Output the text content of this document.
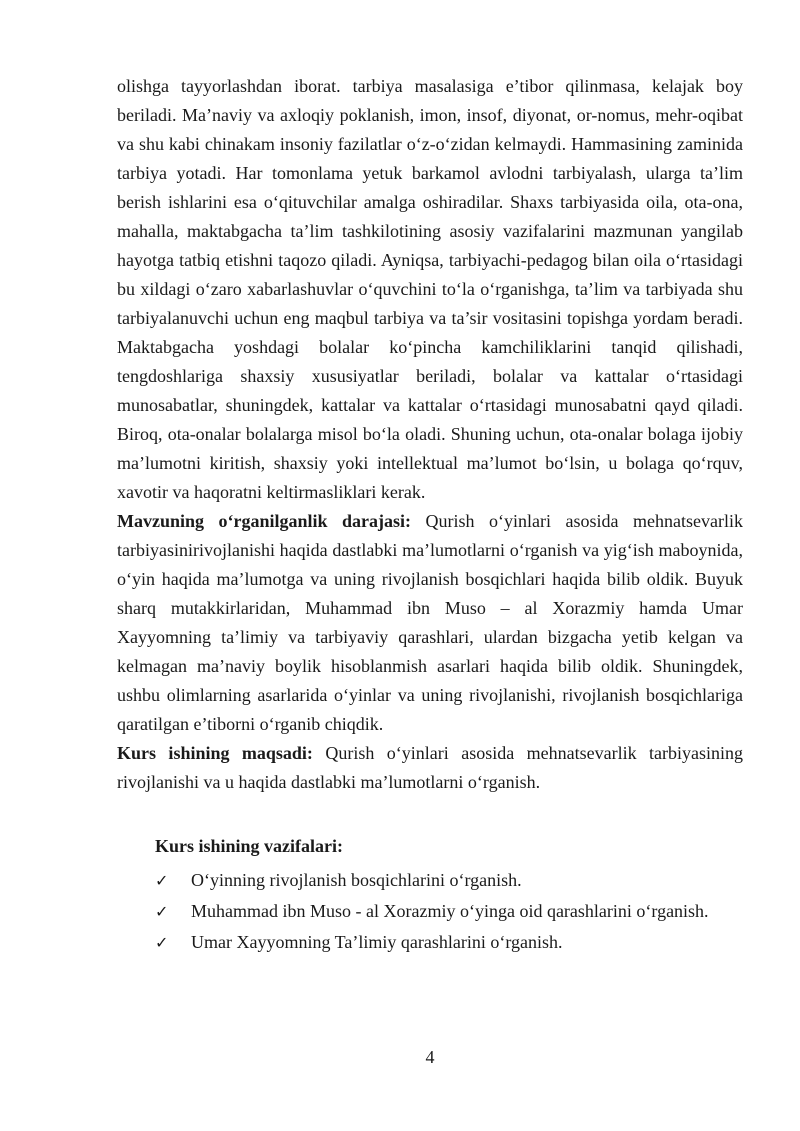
olishga tayyorlashdan iborat. tarbiya masalasiga e’tibor qilinmasa, kelajak boy beriladi. Ma’naviy va axloqiy poklanish, imon, insof, diyonat, or-nomus, mehr-oqibat va shu kabi chinakam insoniy fazilatlar o‘z-o‘zidan kelmaydi. Hammasining zaminida tarbiya yotadi. Har tomonlama yetuk barkamol avlodni tarbiyalash, ularga ta’lim berish ishlarini esa o‘qituvchilar amalga oshiradilar. Shaxs tarbiyasida oila, ota-ona, mahalla, maktabgacha ta’lim tashkilotining asosiy vazifalarini mazmunan yangilab hayotga tatbiq etishni taqozo qiladi. Ayniqsa, tarbiyachi-pedagog bilan oila o‘rtasidagi bu xildagi o‘zaro xabarlashuvlar o‘quvchini to‘la o‘rganishga, ta’lim va tarbiyada shu tarbiyalanuvchi uchun eng maqbul tarbiya va ta’sir vositasini topishga yordam beradi. Maktabgacha yoshdagi bolalar ko‘pincha kamchiliklarini tanqid qilishadi, tengdoshlariga shaxsiy xususiyatlar beriladi, bolalar va kattalar o‘rtasidagi munosabatlar, shuningdek, kattalar va kattalar o‘rtasidagi munosabatni qayd qiladi. Biroq, ota-onalar bolalarga misol bo‘la oladi. Shuning uchun, ota-onalar bolaga ijobiy ma’lumotni kiritish, shaxsiy yoki intellektual ma’lumot bo‘lsin, u bolaga qo‘rquv, xavotir va haqoratni keltirmasliklari kerak.

Mavzuning o‘rganilganlik darajasi: Qurish o‘yinlari asosida mehnatsevarlik tarbiyasinirivojlanishi haqida dastlabki ma’lumotlarni o‘rganish va yig‘ish maboynida, o‘yin haqida ma’lumotga va uning rivojlanish bosqichlari haqida bilib oldik. Buyuk sharq mutakkirlaridan, Muhammad ibn Muso – al Xorazmiy hamda Umar Xayyomning ta’limiy va tarbiyaviy qarashlari, ulardan bizgacha yetib kelgan va kelmagan ma’naviy boylik hisoblanmish asarlari haqida bilib oldik. Shuningdek, ushbu olimlarning asarlarida o‘yinlar va uning rivojlanishi, rivojlanish bosqichlariga qaratilgan e’tiborni o‘rganib chiqdik.

Kurs ishining maqsadi: Qurish o‘yinlari asosida mehnatsevarlik tarbiyasining rivojlanishi va u haqida dastlabki ma’lumotlarni o‘rganish.

Kurs ishining vazifalari:
✓	O‘yinning rivojlanish bosqichlarini o‘rganish.
✓	Muhammad ibn Muso - al Xorazmiy o‘yinga oid qarashlarini o‘rganish.
✓	Umar Xayyomning Ta’limiy qarashlarini o‘rganish.
4
